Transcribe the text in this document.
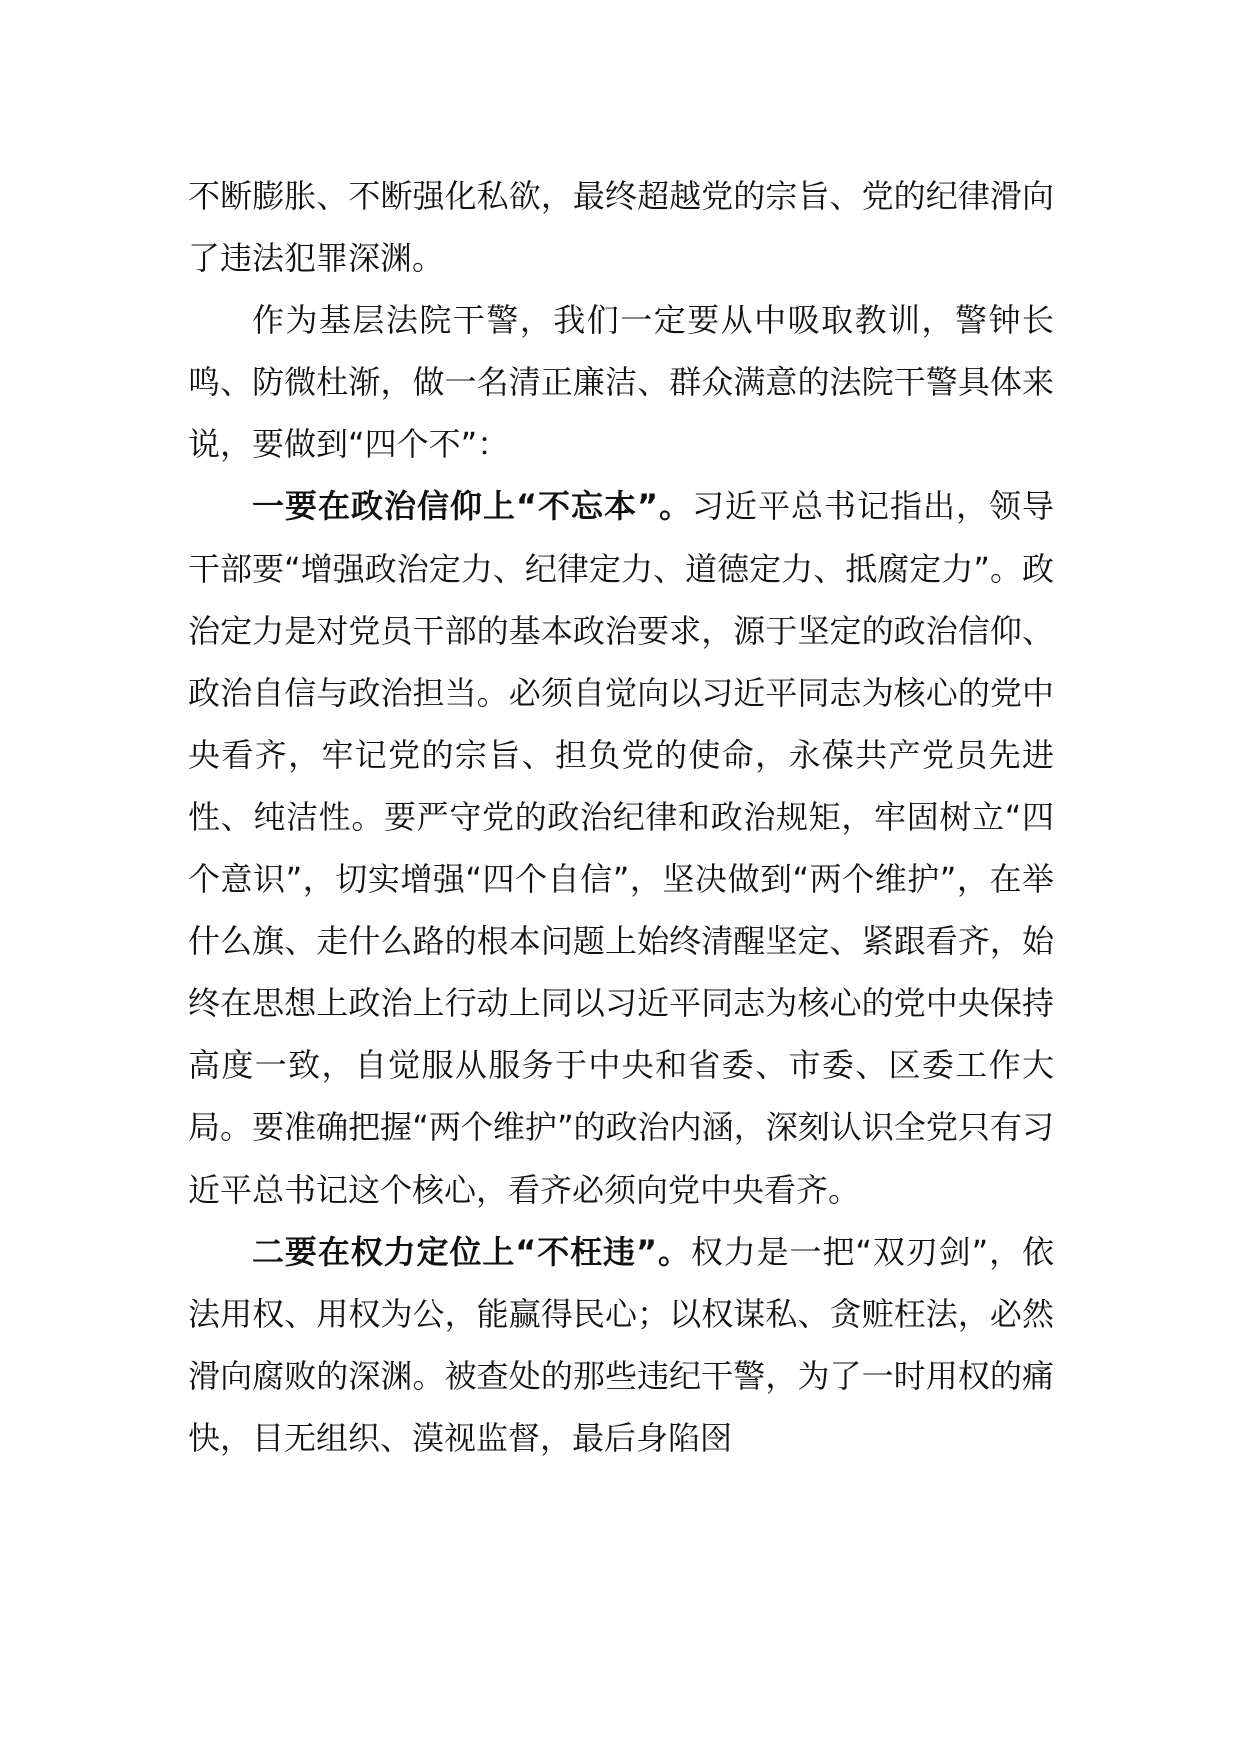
不断膨胀、不断强化私欲，最终超越党的宗旨、党的纪律滑向了违法犯罪深渊。

作为基层法院干警，我们一定要从中吸取教训，警钟长鸣、防微杜渐，做一名清正廉洁、群众满意的法院干警具体来说，要做到“四个不”：

一要在政治信仰上“不忘本”。习近平总书记指出，领导干部要“增强政治定力、纪律定力、道德定力、抵腐定力”。政治定力是对党员干部的基本政治要求，源于坚定的政治信仰、政治自信与政治担当。必须自觉向以习近平同志为核心的党中央看齐，牢记党的宗旨、担负党的使命，永葆共产党员先进性、纯洁性。要严守党的政治纪律和政治规矩，牢固树立“四个意识”，切实增强“四个自信”，坚决做到“两个维护”，在举什么旗、走什么路的根本问题上始终清醒坚定、紧跟看齐，始终在思想上政治上行动上同以习近平同志为核心的党中央保持高度一致，自觉服从服务于中央和省委、市委、区委工作大局。要准确把握“两个维护”的政治内涵，深刻认识全党只有习近平总书记这个核心，看齐必须向党中央看齐。

二要在权力定位上“不枉违”。权力是一把“双刃剑”，依法用权、用权为公，能赢得民心；以权谋私、贪赃枉法，必然滑向腐败的深渊。被查处的那些违纪干警，为了一时用权的痛快，目无组织、漠视监督，最后身陷囹
